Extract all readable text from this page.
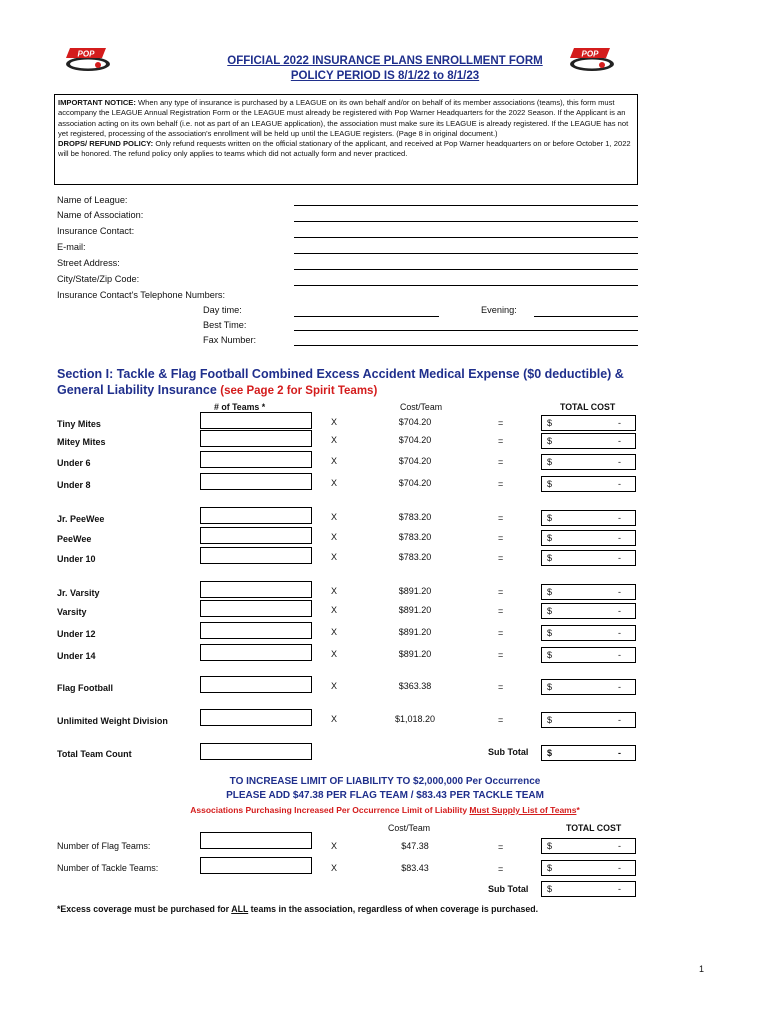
POP	POP
OFFICIAL 2022 INSURANCE PLANS ENROLLMENT FORM
POLICY PERIOD IS 8/1/22 to 8/1/23
IMPORTANT NOTICE: When any type of insurance is purchased by a LEAGUE on its own behalf and/or on behalf of its member associations (teams), this form must accompany the LEAGUE Annual Registration Form or the LEAGUE must already be registered with Pop Warner Headquarters for the 2022 Season. If the Applicant is an association acting on its own behalf (i.e. not as part of an LEAGUE application), the association must make sure its LEAGUE is already registered. If the LEAGUE has not yet registered, processing of the association's enrollment will be held up until the LEAGUE registers. (Page 8 in original document.)
DROPS/ REFUND POLICY: Only refund requests written on the official stationary of the applicant, and received at Pop Warner headquarters on or before October 1, 2022 will be honored. The refund policy only applies to teams which did not actually form and never practiced.
Name of League:
Name of Association:
Insurance Contact:
E-mail:
Street Address:
City/State/Zip Code:
Insurance Contact's Telephone Numbers:
Day time:	Evening:
Best Time:
Fax Number:
Section I: Tackle & Flag Football Combined Excess Accident Medical Expense ($0 deductible) & General Liability Insurance (see Page 2 for Spirit Teams)
# of Teams *	Cost/Team	TOTAL COST
Tiny Mites	X	$704.20	=	$	-
Mitey Mites	X	$704.20	=	$	-
Under 6	X	$704.20	=	$	-
Under 8	X	$704.20	=	$	-
Jr. PeeWee	X	$783.20	=	$	-
PeeWee	X	$783.20	=	$	-
Under 10	X	$783.20	=	$	-
Jr. Varsity	X	$891.20	=	$	-
Varsity	X	$891.20	=	$	-
Under 12	X	$891.20	=	$	-
Under 14	X	$891.20	=	$	-
Flag Football	X	$363.38	=	$	-
Unlimited Weight Division	X	$1,018.20	=	$	-
Total Team Count	Sub Total $	-
TO INCREASE LIMIT OF LIABILITY TO $2,000,000 Per Occurrence
PLEASE ADD $47.38 PER FLAG TEAM / $83.43 PER TACKLE TEAM
Associations Purchasing Increased Per Occurrence Limit of Liability Must Supply List of Teams*
Cost/Team	TOTAL COST
Number of Flag Teams:	X	$47.38	=	$	-
Number of Tackle Teams:	X	$83.43	=	$	-
Sub Total $	-
*Excess coverage must be purchased for ALL teams in the association, regardless of when coverage is purchased.
1
